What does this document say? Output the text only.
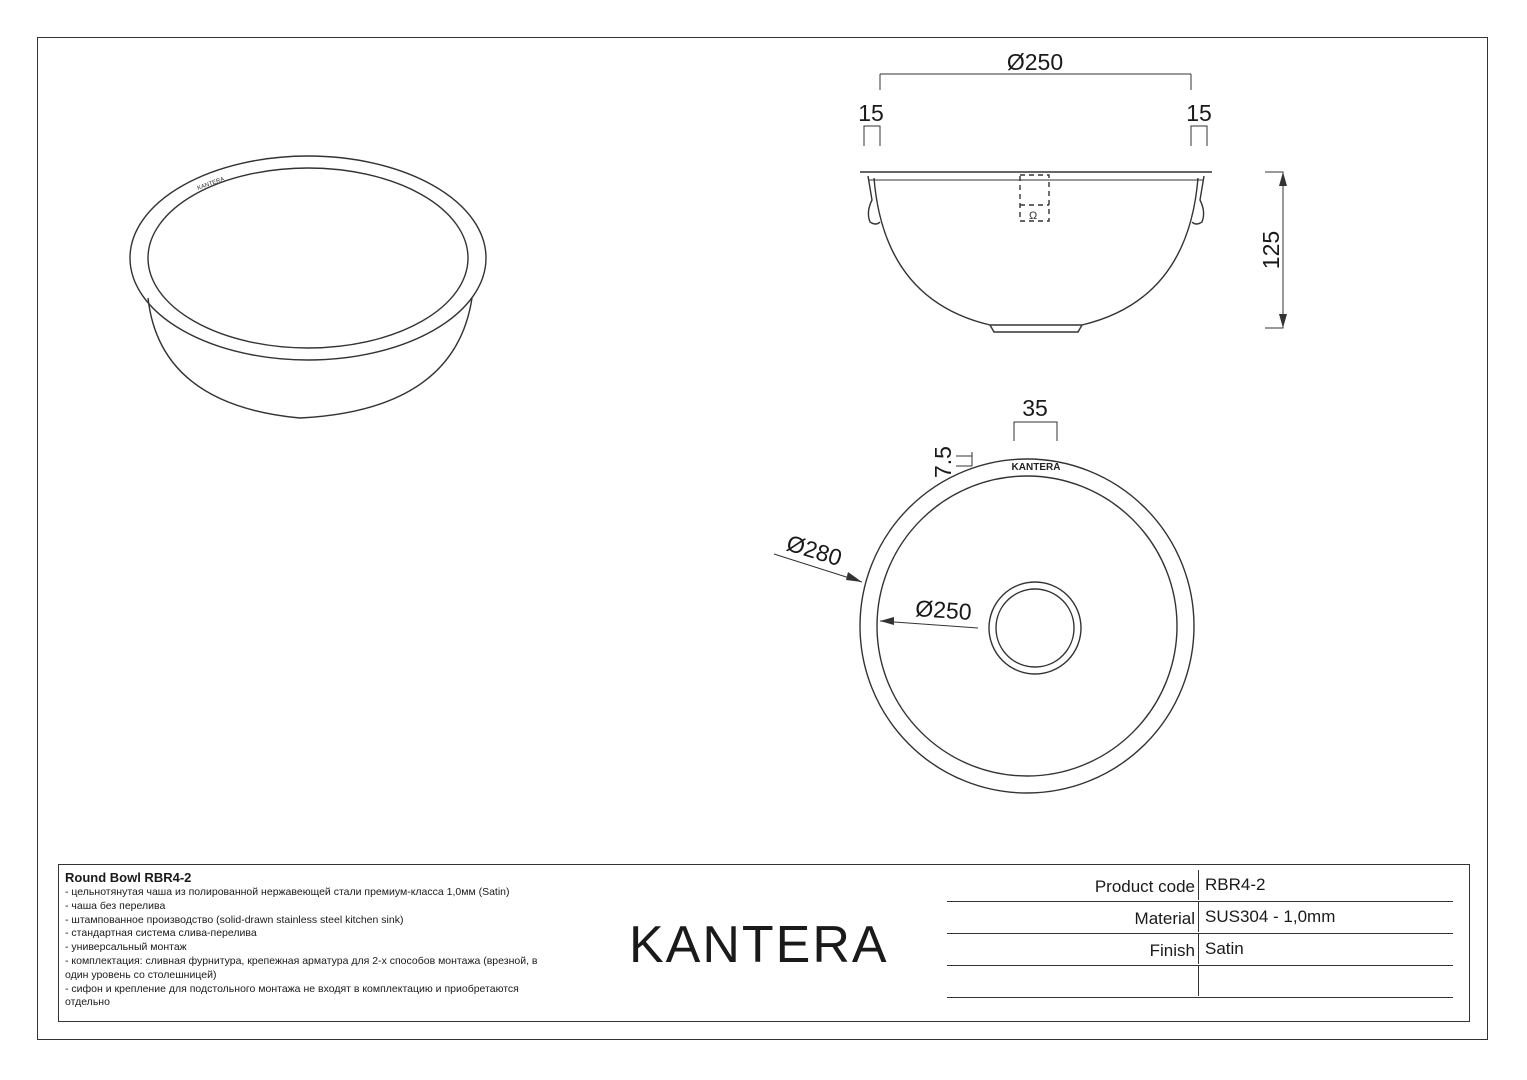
KANTERA
Ω
Ø250
15	15
125
KANTERA
35
7.5
Ø280
Ø250
Round Bowl RBR4-2
- цельнотянутая чаша из полированной нержавеющей стали премиум-класса 1,0мм (Satin)
- чаша без перелива
- штампованное производство (solid-drawn stainless steel kitchen sink)
- стандартная система слива-перелива
- универсальный монтаж
- комплектация: сливная фурнитура, крепежная арматура для 2-х способов монтажа (врезной, в
один уровень со столешницей)
- сифон и крепление для подстольного монтажа не входят в комплектацию и приобретаются
отдельно
KANTERA
Product code RBR4-2
Material SUS304 - 1,0mm
Finish Satin
